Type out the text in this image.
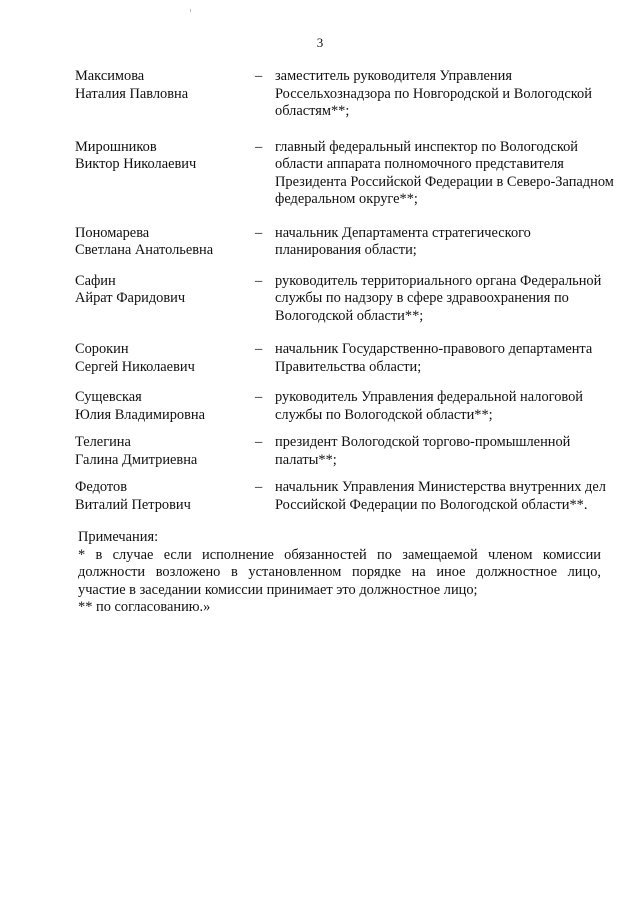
3
Максимова
Наталия Павловна
– заместитель руководителя Управления Россельхознадзора по Новгородской и Вологодской областям**;
Мирошников
Виктор Николаевич
– главный федеральный инспектор по Вологодской области аппарата полномочного представителя Президента Российской Федерации в Северо-Западном федеральном округе**;
Пономарева
Светлана Анатольевна
– начальник Департамента стратегического планирования области;
Сафин
Айрат Фаридович
– руководитель территориального органа Федеральной службы по надзору в сфере здравоохранения по Вологодской области**;
Сорокин
Сергей Николаевич
– начальник Государственно-правового департамента Правительства области;
Сущевская
Юлия Владимировна
– руководитель Управления федеральной налоговой службы по Вологодской области**;
Телегина
Галина Дмитриевна
– президент Вологодской торгово-промышленной палаты**;
Федотов
Виталий Петрович
– начальник Управления Министерства внутренних дел Российской Федерации по Вологодской области**.
Примечания:
* в случае если исполнение обязанностей по замещаемой членом комиссии
должности возложено в установленном порядке на иное должностное лицо,
участие в заседании комиссии принимает это должностное лицо;
** по согласованию.»
